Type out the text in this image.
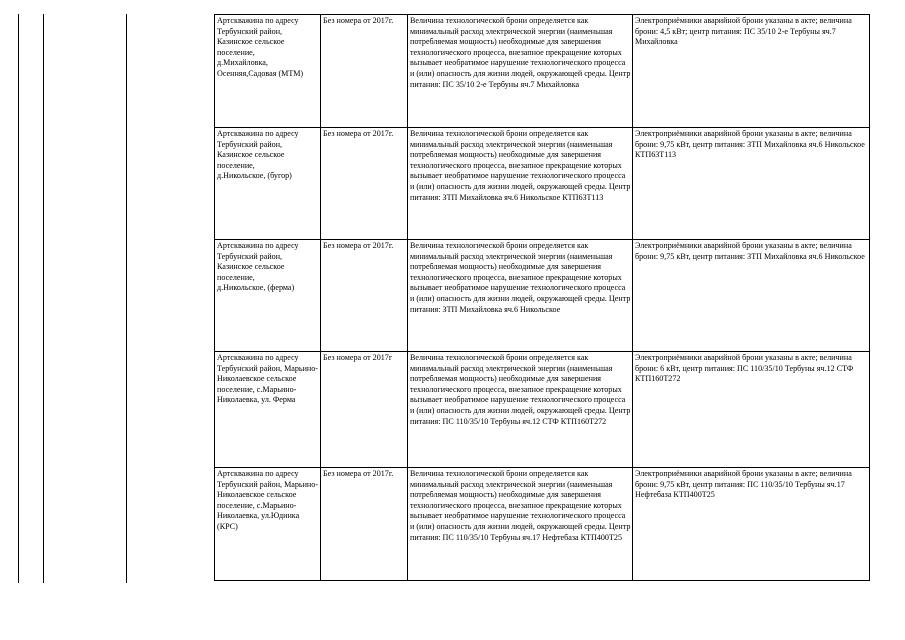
Артскважина по адресу Тербунский район, Казинское сельское поселение,
д.Михайловка, Осенняя,Садовая (МТМ)	Без номера от 2017г.	Величина технологической брони определяется как минимальный расход электрической энергии (наименьшая потребляемая мощность) необходимые для завершения технологического процесса, внезапное прекращение которых вызывает необратимое нарушение технологического процесса и (или) опасность для жизни людей, окружающей среды. Центр питания: ПС 35/10 2-е Тербуны яч.7 Михайловка	Электроприёмники аварийной брони указаны в акте; величина брони: 4,5 кВт; центр питания: ПС 35/10 2-е Тербуны яч.7 Михайловка
Артскважина по адресу Тербунский район, Казинское сельское поселение,
д.Никольское, (бугор)	Без номера от 2017г.	Величина технологической брони определяется как минимальный расход электрической энергии (наименьшая потребляемая мощность) необходимые для завершения технологического процесса, внезапное прекращение которых вызывает необратимое нарушение технологического процесса и (или) опасность для жизни людей, окружающей среды. Центр питания: ЗТП Михайловка яч.6 Никольское КТП63Т113	Электроприёмники аварийной брони указаны в акте; величина брони: 9,75 кВт, центр питания: ЗТП Михайловка яч.6 Никольское КТП63Т113
Артскважина по адресу Тербунский район, Казинское сельское поселение,
д.Никольское, (ферма)	Без номера от 2017г.	Величина технологической брони определяется как минимальный расход электрической энергии (наименьшая потребляемая мощность) необходимые для завершения технологического процесса, внезапное прекращение которых вызывает необратимое нарушение технологического процесса и (или) опасность для жизни людей, окружающей среды. Центр питания: ЗТП Михайловка яч.6 Никольское	Электроприёмники аварийной брони указаны в акте; величина брони: 9,75 кВт, центр питания: ЗТП Михайловка яч.6 Никольское
Артскважина по адресу Тербунский район, Марьино-Николаевское сельское поселение, с.Марьино-Николаевка, ул. Ферма	Без номера от 2017г	Величина технологической брони определяется как минимальный расход электрической энергии (наименьшая потребляемая мощность) необходимые для завершения технологического процесса, внезапное прекращение которых вызывает необратимое нарушение технологического процесса и (или) опасность для жизни людей, окружающей среды. Центр питания: ПС 110/35/10 Тербуны яч.12 СТФ КТП160Т272	Электроприёмники аварийной брони указаны в акте; величина брони: 6 кВт, центр питания: ПС 110/35/10 Тербуны яч.12 СТФ КТП160Т272
Артскважина по адресу Тербунский район, Марьино-Николаевское сельское поселение, с.Марьино-Николаевка, ул.Юдинка (КРС)	Без номера от 2017г.	Величина технологической брони определяется как минимальный расход электрической энергии (наименьшая потребляемая мощность) необходимые для завершения технологического процесса, внезапное прекращение которых вызывает необратимое нарушение технологического процесса и (или) опасность для жизни людей, окружающей среды. Центр питания: ПС 110/35/10 Тербуны яч.17 Нефтебаза КТП400Т25	Электроприёмники аварийной брони указаны в акте; величина брони: 9,75 кВт, центр питания: ПС 110/35/10 Тербуны яч.17 Нефтебаза КТП400Т25
